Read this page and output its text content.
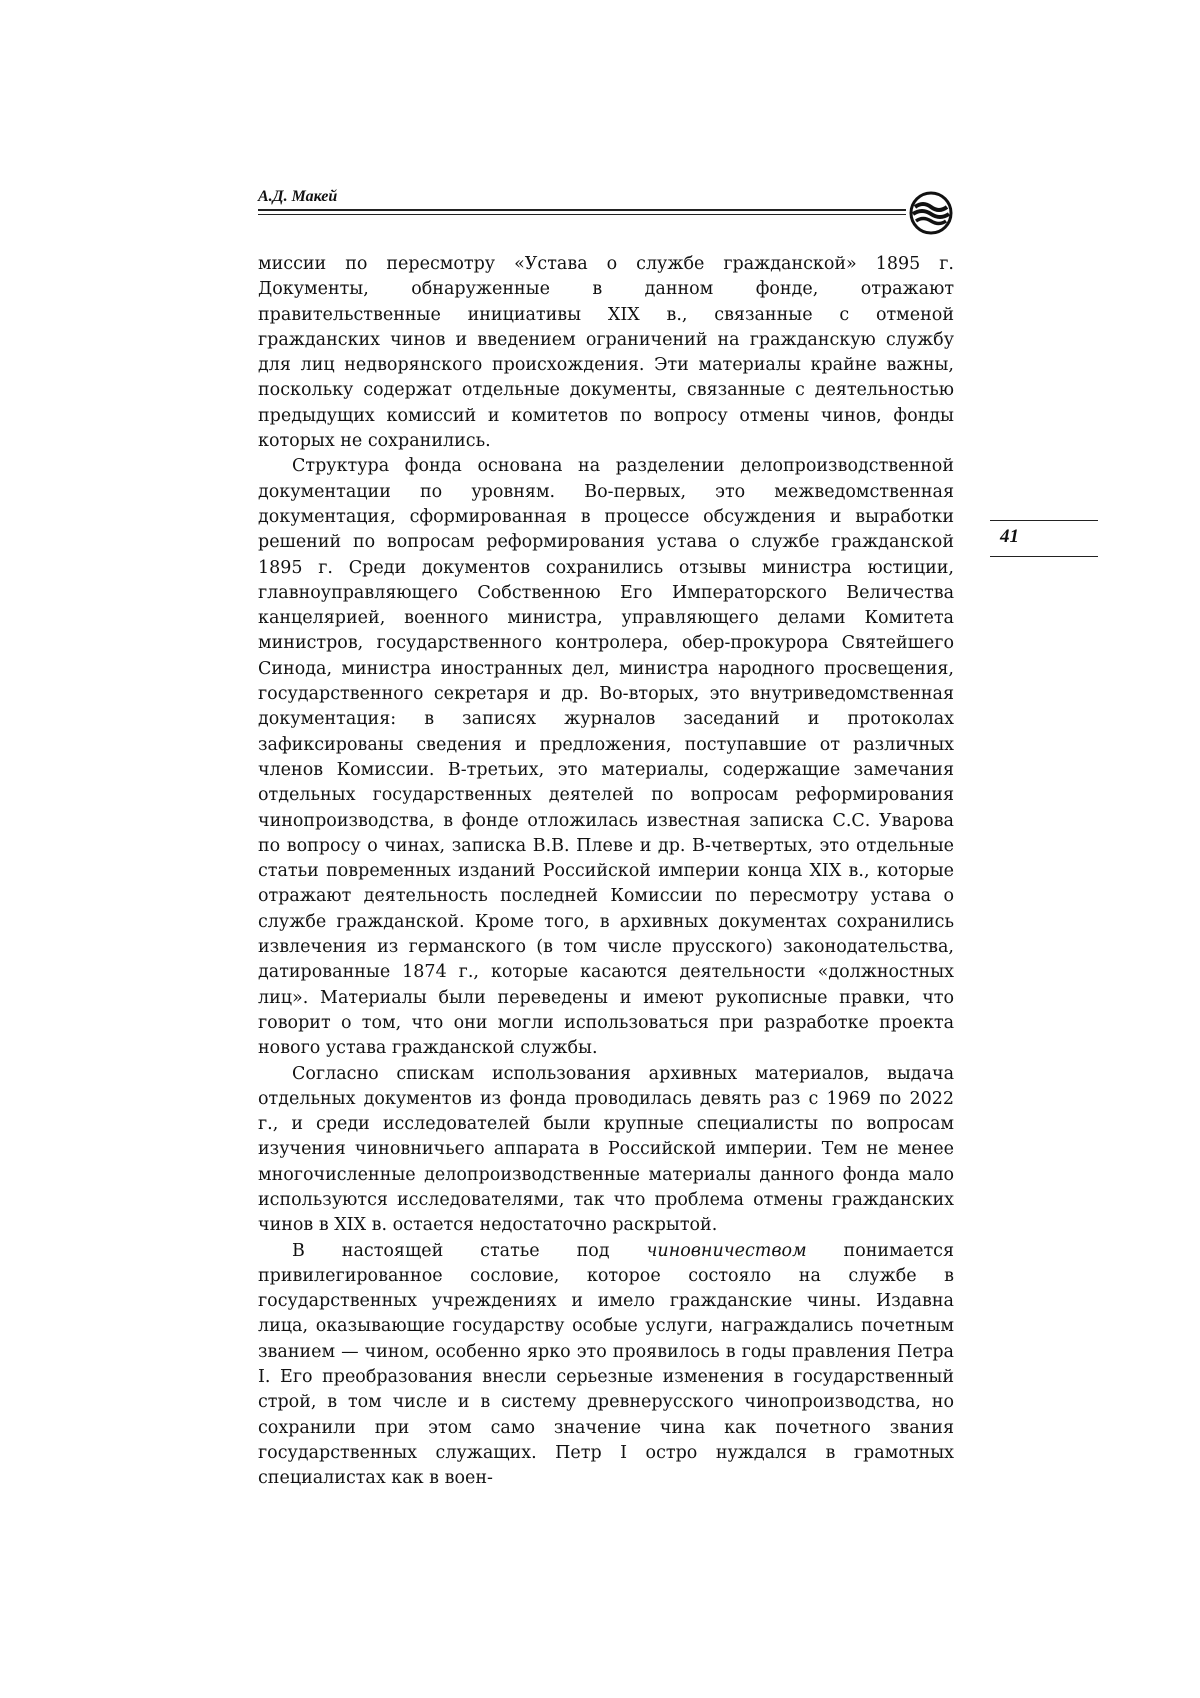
А.Д. Макей
41

миссии по пересмотру «Устава о службе гражданской» 1895 г. Документы, обнаруженные в данном фонде, отражают правительственные инициативы XIX в., связанные с отменой гражданских чинов и введением ограничений на гражданскую службу для лиц недворянского происхождения. Эти материалы крайне важны, поскольку содержат отдельные документы, связанные с деятельностью предыдущих комиссий и комитетов по вопросу отмены чинов, фонды которых не сохранились.

Структура фонда основана на разделении делопроизводственной документации по уровням. Во-первых, это межведомственная документация, сформированная в процессе обсуждения и выработки решений по вопросам реформирования устава о службе гражданской 1895 г. Среди документов сохранились отзывы министра юстиции, главноуправляющего Собственною Его Императорского Величества канцелярией, военного министра, управляющего делами Комитета министров, государственного контролера, обер-прокурора Святейшего Синода, министра иностранных дел, министра народного просвещения, государственного секретаря и др. Во-вторых, это внутриведомственная документация: в записях журналов заседаний и протоколах зафиксированы сведения и предложения, поступавшие от различных членов Комиссии. В-третьих, это материалы, содержащие замечания отдельных государственных деятелей по вопросам реформирования чинопроизводства, в фонде отложилась известная записка С.С. Уварова по вопросу о чинах, записка В.В. Плеве и др. В-четвертых, это отдельные статьи повременных изданий Российской империи конца XIX в., которые отражают деятельность последней Комиссии по пересмотру устава о службе гражданской. Кроме того, в архивных документах сохранились извлечения из германского (в том числе прусского) законодательства, датированные 1874 г., которые касаются деятельности «должностных лиц». Материалы были переведены и имеют рукописные правки, что говорит о том, что они могли использоваться при разработке проекта нового устава гражданской службы.

Согласно спискам использования архивных материалов, выдача отдельных документов из фонда проводилась девять раз с 1969 по 2022 г., и среди исследователей были крупные специалисты по вопросам изучения чиновничьего аппарата в Российской империи. Тем не менее многочисленные делопроизводственные материалы данного фонда мало используются исследователями, так что проблема отмены гражданских чинов в XIX в. остается недостаточно раскрытой.

В настоящей статье под чиновничеством понимается привилегированное сословие, которое состояло на службе в государственных учреждениях и имело гражданские чины. Издавна лица, оказывающие государству особые услуги, награждались почетным званием — чином, особенно ярко это проявилось в годы правления Петра I. Его преобразования внесли серьезные изменения в государственный строй, в том числе и в систему древнерусского чинопроизводства, но сохранили при этом само значение чина как почетного звания государственных служащих. Петр I остро нуждался в грамотных специалистах как в воен-
